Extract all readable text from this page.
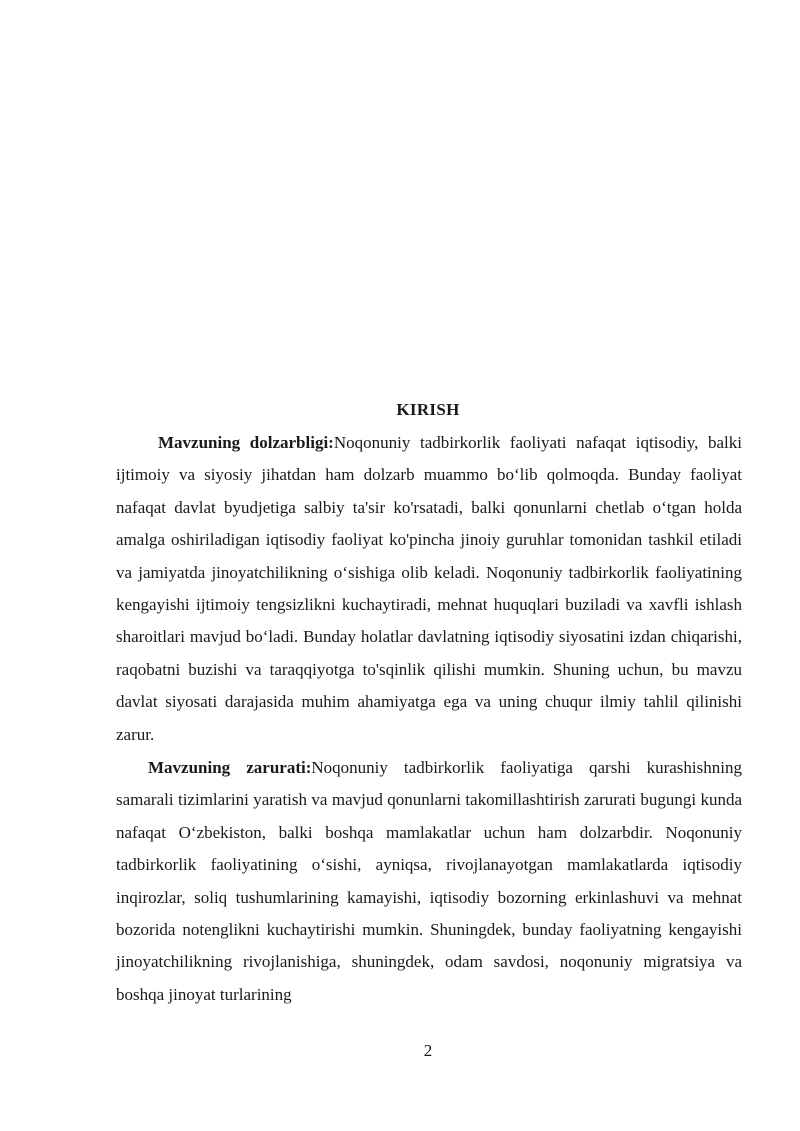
KIRISH

Mavzuning dolzarbligi:Noqonuniy tadbirkorlik faoliyati nafaqat iqtisodiy, balki ijtimoiy va siyosiy jihatdan ham dolzarb muammo bo‘lib qolmoqda. Bunday faoliyat nafaqat davlat byudjetiga salbiy ta'sir ko'rsatadi, balki qonunlarni chetlab o‘tgan holda amalga oshiriladigan iqtisodiy faoliyat ko'pincha jinoiy guruhlar tomonidan tashkil etiladi va jamiyatda jinoyatchilikning o‘sishiga olib keladi. Noqonuniy tadbirkorlik faoliyatining kengayishi ijtimoiy tengsizlikni kuchaytiradi, mehnat huquqlari buziladi va xavfli ishlash sharoitlari mavjud bo‘ladi. Bunday holatlar davlatning iqtisodiy siyosatini izdan chiqarishi, raqobatni buzishi va taraqqiyotga to'sqinlik qilishi mumkin. Shuning uchun, bu mavzu davlat siyosati darajasida muhim ahamiyatga ega va uning chuqur ilmiy tahlil qilinishi zarur.

Mavzuning zarurati:Noqonuniy tadbirkorlik faoliyatiga qarshi kurashishning samarali tizimlarini yaratish va mavjud qonunlarni takomillashtirish zarurati bugungi kunda nafaqat O‘zbekiston, balki boshqa mamlakatlar uchun ham dolzarbdir. Noqonuniy tadbirkorlik faoliyatining o‘sishi, ayniqsa, rivojlanayotgan mamlakatlarda iqtisodiy inqirozlar, soliq tushumlarining kamayishi, iqtisodiy bozorning erkinlashuvi va mehnat bozorida notenglikni kuchaytirishi mumkin. Shuningdek, bunday faoliyatning kengayishi jinoyatchilikning rivojlanishiga, shuningdek, odam savdosi, noqonuniy migratsiya va boshqa jinoyat turlarining

2
